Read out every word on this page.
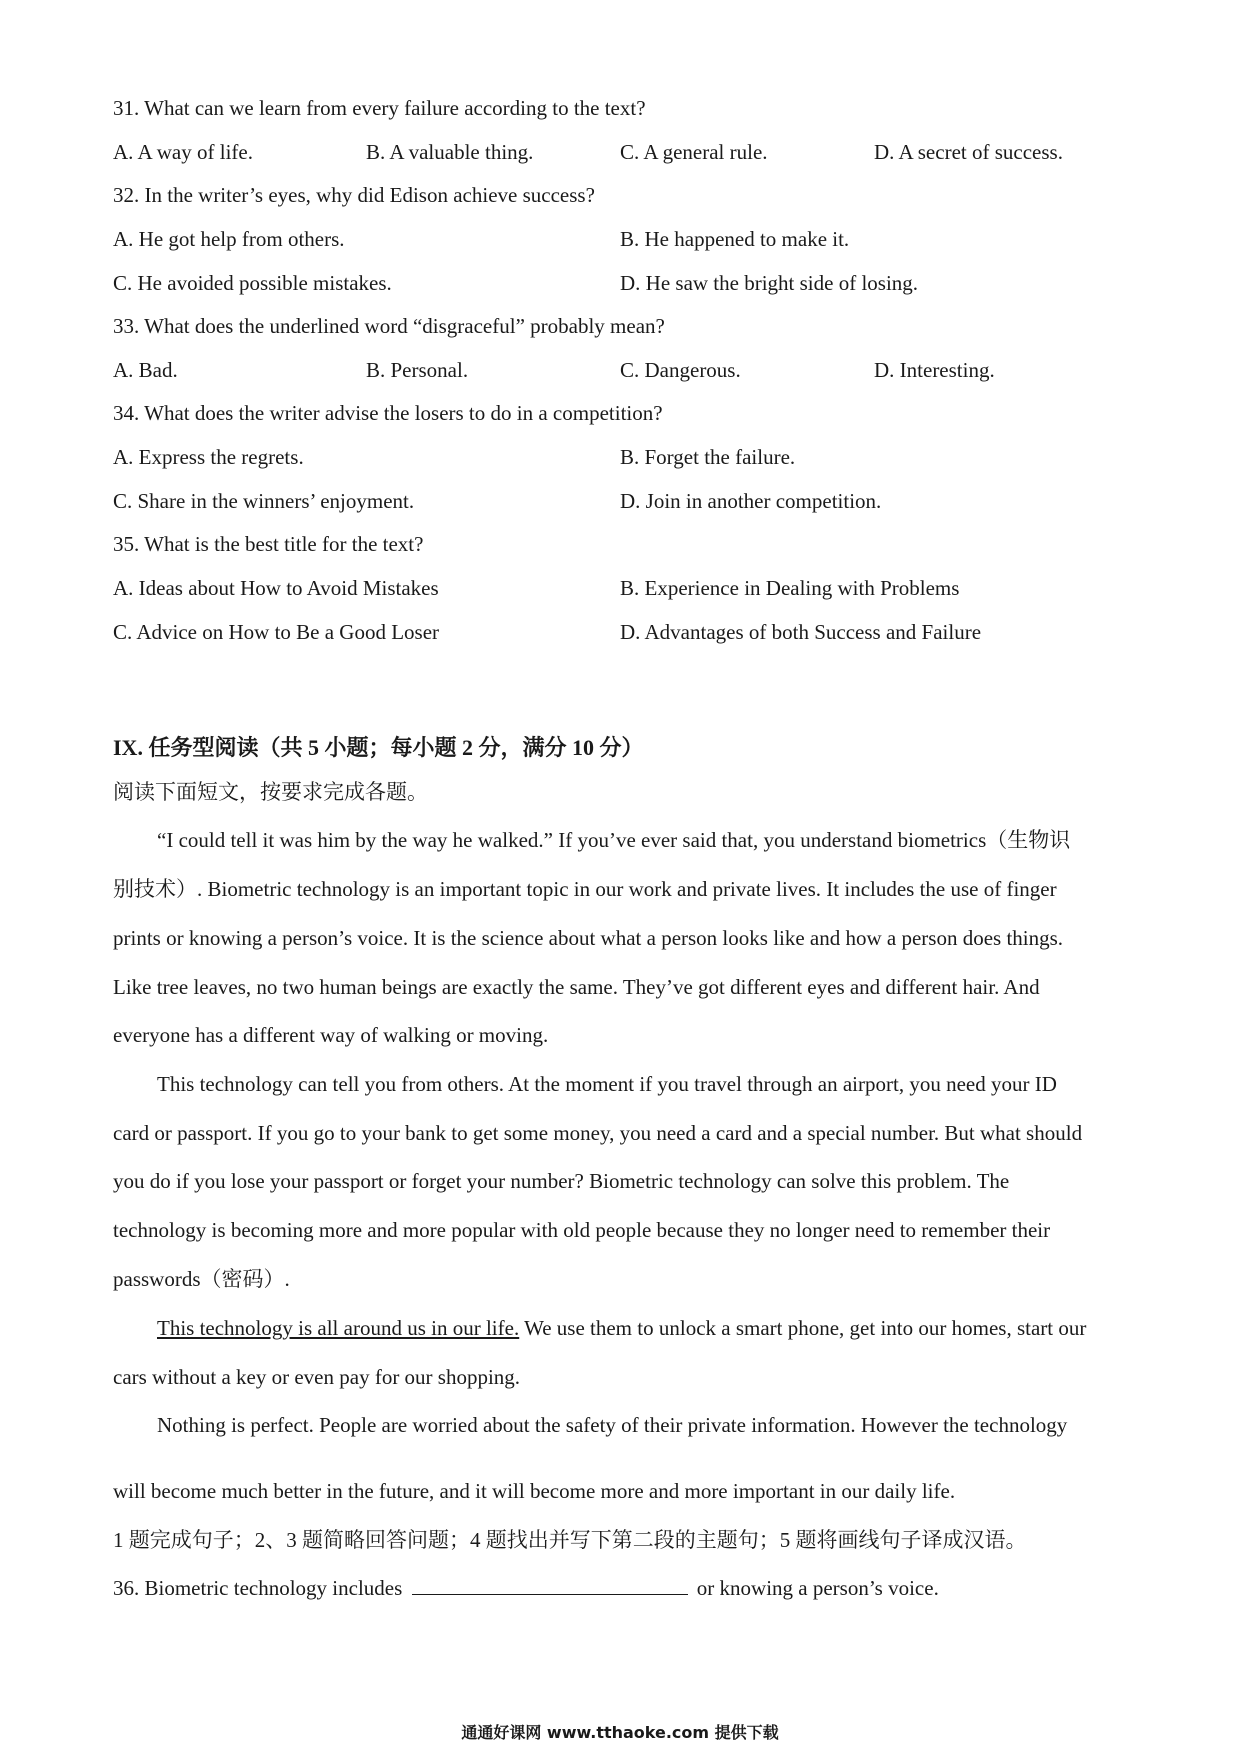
31. What can we learn from every failure according to the text?
A. A way of life.	B. A valuable thing.	C. A general rule.	D. A secret of success.
32. In the writer’s eyes, why did Edison achieve success?
A. He got help from others.	B. He happened to make it.
C. He avoided possible mistakes.	D. He saw the bright side of losing.
33. What does the underlined word “disgraceful” probably mean?
A. Bad.	B. Personal.	C. Dangerous.	D. Interesting.
34. What does the writer advise the losers to do in a competition?
A. Express the regrets.	B. Forget the failure.
C. Share in the winners’ enjoyment.	D. Join in another competition.
35. What is the best title for the text?
A. Ideas about How to Avoid Mistakes	B. Experience in Dealing with Problems
C. Advice on How to Be a Good Loser	D. Advantages of both Success and Failure
IX. 任务型阅读（共 5 小题；每小题 2 分，满分 10 分）
阅读下面短文，按要求完成各题。
“I could tell it was him by the way he walked.” If you’ve ever said that, you understand biometrics（生物识
别技术）. Biometric technology is an important topic in our work and private lives. It includes the use of finger
prints or knowing a person’s voice. It is the science about what a person looks like and how a person does things.
Like tree leaves, no two human beings are exactly the same. They’ve got different eyes and different hair. And
everyone has a different way of walking or moving.
This technology can tell you from others. At the moment if you travel through an airport, you need your ID
card or passport. If you go to your bank to get some money, you need a card and a special number. But what should
you do if you lose your passport or forget your number? Biometric technology can solve this problem. The
technology is becoming more and more popular with old people because they no longer need to remember their
passwords（密码）.
This technology is all around us in our life. We use them to unlock a smart phone, get into our homes, start our
cars without a key or even pay for our shopping.
Nothing is perfect. People are worried about the safety of their private information. However the technology
will become much better in the future, and it will become more and more important in our daily life.
1 题完成句子；2、3 题简略回答问题；4 题找出并写下第二段的主题句；5 题将画线句子译成汉语。
36. Biometric technology includes	or knowing a person’s voice.
通通好课网 www.tthaoke.com 提供下载
